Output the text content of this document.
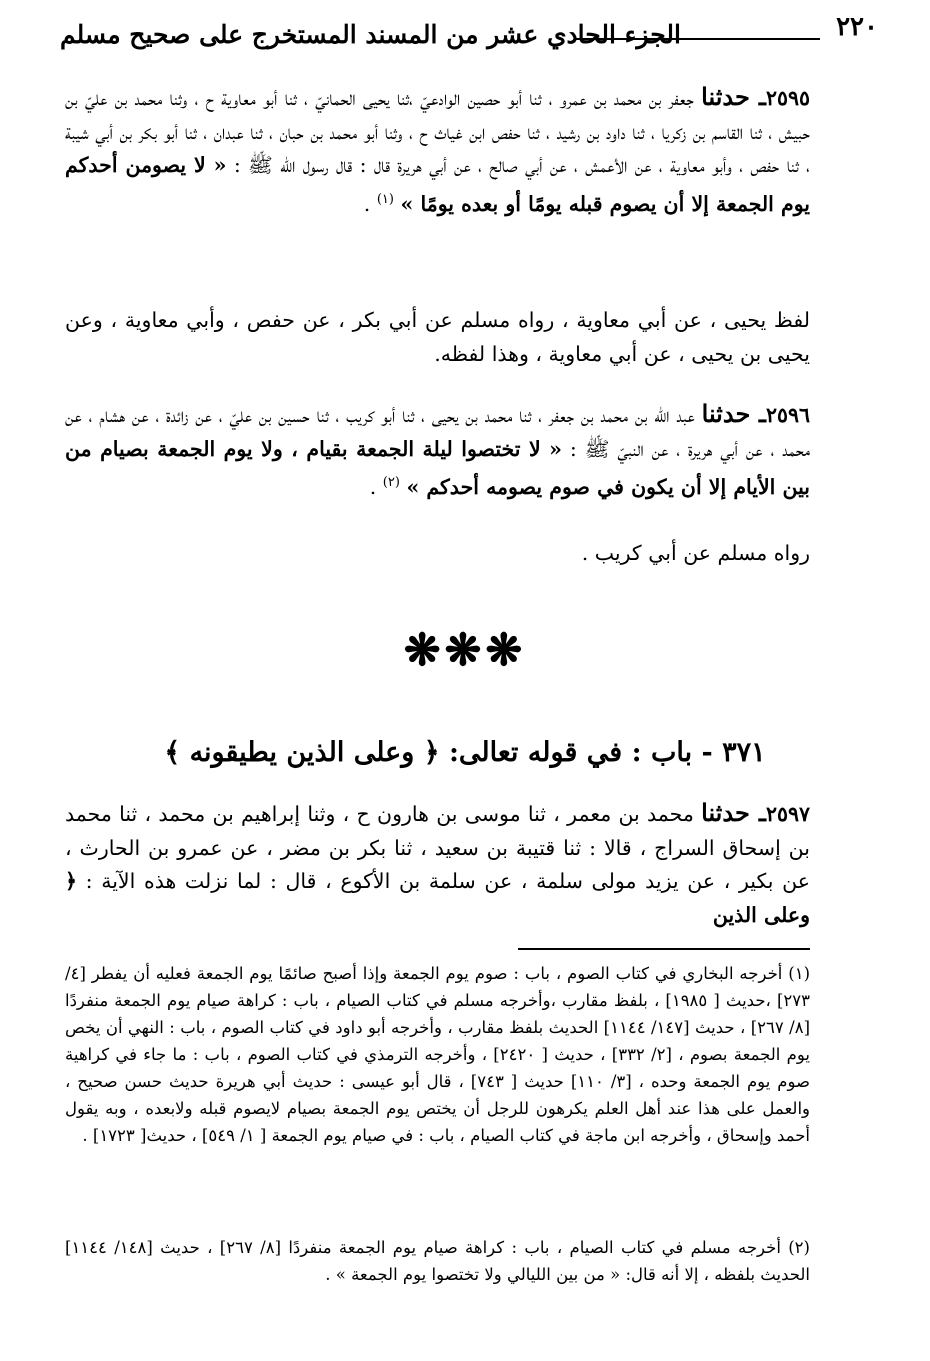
٢٢٠
الجزء الحادي عشر من المسند المستخرج على صحيح مسلم
٢٥٩٥ـ حدثنا جعفر بن محمد بن عمرو ، ثنا أبو حصين الوادعيّ ،ثنا يحيى الحمانيّ ، ثنا أبو معاوية ح ، وثنا محمد بن عليّ بن حبيش ، ثنا القاسم بن زكريا ، ثنا داود بن رشيد ، ثنا حفص ابن غياث ح ، وثنا أبو محمد بن حبان ، ثنا عبدان ، ثنا أبو بكر بن أبي شيبة ، ثنا حفص ، وأبو معاوية ، عن الأعمش ، عن أبي صالح ، عن أبي هريرة قال : قال رسول الله ﷺ : « لا يصومن أحدكم يوم الجمعة إلا أن يصوم قبله يومًا أو بعده يومًا » $^{(١)}$ .
لفظ يحيى ، عن أبي معاوية ، رواه مسلم عن أبي بكر ، عن حفص ، وأبي معاوية ، وعن يحيى بن يحيى ، عن أبي معاوية ، وهذا لفظه.
٢٥٩٦ـ حدثنا عبد الله بن محمد بن جعفر ، ثنا محمد بن يحيى ، ثنا أبو كريب ، ثنا حسين بن عليّ ، عن زائدة ، عن هشام ، عن محمد ، عن أبي هريرة ، عن النبيّ ﷺ : « لا تختصوا ليلة الجمعة بقيام ، ولا يوم الجمعة بصيام من بين الأيام إلا أن يكون في صوم يصومه أحدكم » $^{(٢)}$ .
رواه مسلم عن أبي كريب .
❋❋❋
٣٧١ - باب : في قوله تعالى: ﴿ وعلى الذين يطيقونه ﴾
٢٥٩٧ـ حدثنا محمد بن معمر ، ثنا موسى بن هارون ح ، وثنا إبراهيم بن محمد ، ثنا محمد بن إسحاق السراج ، قالا : ثنا قتيبة بن سعيد ، ثنا بكر بن مضر ، عن عمرو بن الحارث ، عن بكير ، عن يزيد مولى سلمة ، عن سلمة بن الأكوع ، قال : لما نزلت هذه الآية : ﴿ وعلى الذين
(١) أخرجه البخاري في كتاب الصوم ، باب : صوم يوم الجمعة وإذا أصبح صائمًا يوم الجمعة فعليه أن يفطر [٤/ ٢٧٣] ،حديث [ ١٩٨٥] ، بلفظ مقارب ،وأخرجه مسلم في كتاب الصيام ، باب : كراهة صيام يوم الجمعة منفردًا [٨/ ٢٦٧] ، حديث [١٤٧/ ١١٤٤] الحديث بلفظ مقارب ، وأخرجه أبو داود في كتاب الصوم ، باب : النهي أن يخص يوم الجمعة بصوم ، [٢/ ٣٣٢] ، حديث [ ٢٤٢٠] ، وأخرجه الترمذي في كتاب الصوم ، باب : ما جاء في كراهية صوم يوم الجمعة وحده ، [٣/ ١١٠] حديث [ ٧٤٣] ، قال أبو عيسى : حديث أبي هريرة حديث حسن صحيح ، والعمل على هذا عند أهل العلم يكرهون للرجل أن يختص يوم الجمعة بصيام لايصوم قبله ولابعده ، وبه يقول أحمد وإسحاق ، وأخرجه ابن ماجة في كتاب الصيام ، باب : في صيام يوم الجمعة [ ١/ ٥٤٩] ، حديث[ ١٧٢٣] .
(٢) أخرجه مسلم في كتاب الصيام ، باب : كراهة صيام يوم الجمعة منفردًا [٨/ ٢٦٧] ، حديث [١٤٨/ ١١٤٤] الحديث بلفظه ، إلا أنه قال: « من بين الليالي ولا تختصوا يوم الجمعة » .
